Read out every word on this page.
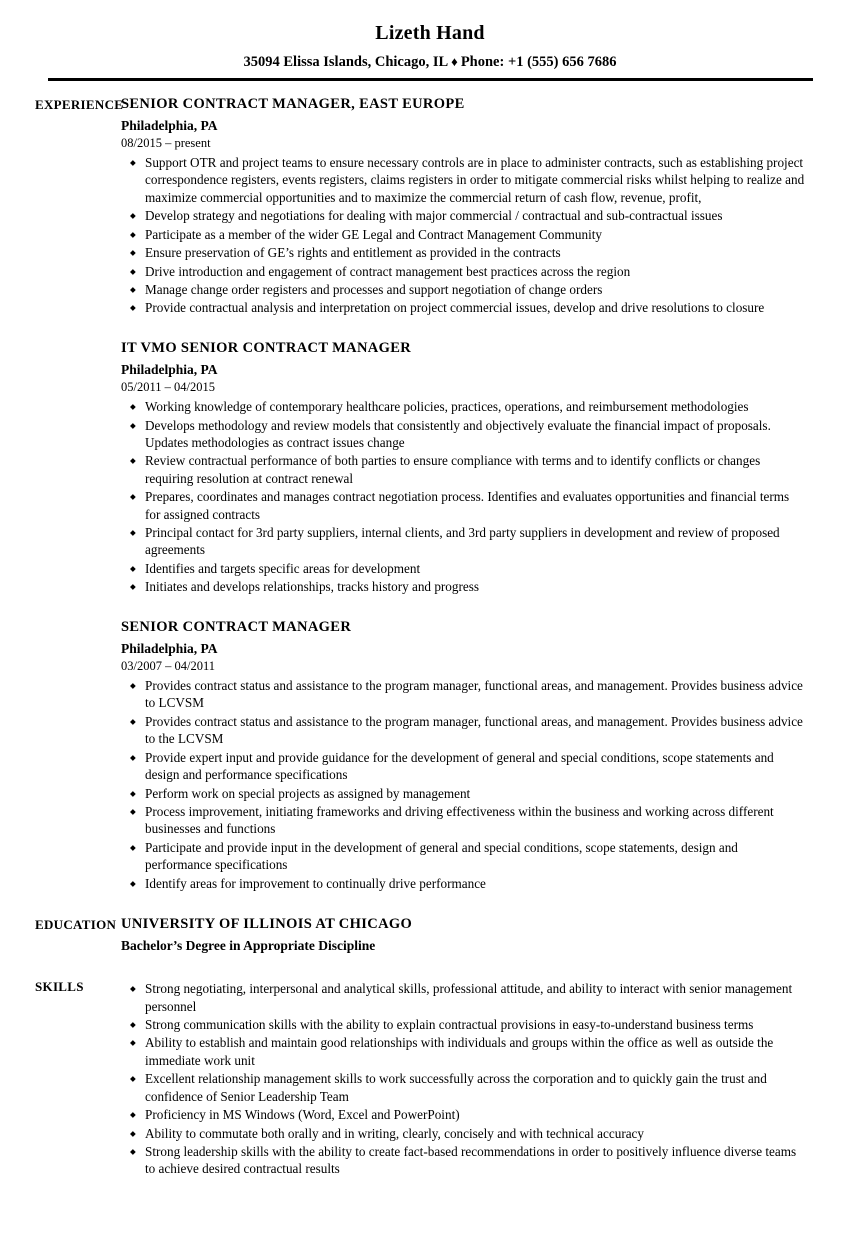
Lizeth Hand
35094 Elissa Islands, Chicago, IL ♦ Phone: +1 (555) 656 7686
EXPERIENCE
SENIOR CONTRACT MANAGER, EAST EUROPE
Philadelphia, PA
08/2015 – present
◆ Support OTR and project teams to ensure necessary controls are in place to administer contracts, such as establishing project correspondence registers, events registers, claims registers in order to mitigate commercial risks whilst helping to realize and maximize commercial opportunities and to maximize the commercial return of cash flow, revenue, profit,
◆ Develop strategy and negotiations for dealing with major commercial / contractual and sub-contractual issues
◆ Participate as a member of the wider GE Legal and Contract Management Community
◆ Ensure preservation of GE’s rights and entitlement as provided in the contracts
◆ Drive introduction and engagement of contract management best practices across the region
◆ Manage change order registers and processes and support negotiation of change orders
◆ Provide contractual analysis and interpretation on project commercial issues, develop and drive resolutions to closure
IT VMO SENIOR CONTRACT MANAGER
Philadelphia, PA
05/2011 – 04/2015
◆ Working knowledge of contemporary healthcare policies, practices, operations, and reimbursement methodologies
◆ Develops methodology and review models that consistently and objectively evaluate the financial impact of proposals. Updates methodologies as contract issues change
◆ Review contractual performance of both parties to ensure compliance with terms and to identify conflicts or changes requiring resolution at contract renewal
◆ Prepares, coordinates and manages contract negotiation process. Identifies and evaluates opportunities and financial terms for assigned contracts
◆ Principal contact for 3rd party suppliers, internal clients, and 3rd party suppliers in development and review of proposed agreements
◆ Identifies and targets specific areas for development
◆ Initiates and develops relationships, tracks history and progress
SENIOR CONTRACT MANAGER
Philadelphia, PA
03/2007 – 04/2011
◆ Provides contract status and assistance to the program manager, functional areas, and management. Provides business advice to LCVSM
◆ Provides contract status and assistance to the program manager, functional areas, and management. Provides business advice to the LCVSM
◆ Provide expert input and provide guidance for the development of general and special conditions, scope statements and design and performance specifications
◆ Perform work on special projects as assigned by management
◆ Process improvement, initiating frameworks and driving effectiveness within the business and working across different businesses and functions
◆ Participate and provide input in the development of general and special conditions, scope statements, design and performance specifications
◆ Identify areas for improvement to continually drive performance
EDUCATION UNIVERSITY OF ILLINOIS AT CHICAGO
Bachelor’s Degree in Appropriate Discipline
SKILLS	◆ Strong negotiating, interpersonal and analytical skills, professional attitude, and ability to interact with senior management personnel
◆ Strong communication skills with the ability to explain contractual provisions in easy-to-understand business terms
◆ Ability to establish and maintain good relationships with individuals and groups within the office as well as outside the immediate work unit
◆ Excellent relationship management skills to work successfully across the corporation and to quickly gain the trust and confidence of Senior Leadership Team
◆ Proficiency in MS Windows (Word, Excel and PowerPoint)
◆ Ability to commutate both orally and in writing, clearly, concisely and with technical accuracy
◆ Strong leadership skills with the ability to create fact-based recommendations in order to positively influence diverse teams to achieve desired contractual results
